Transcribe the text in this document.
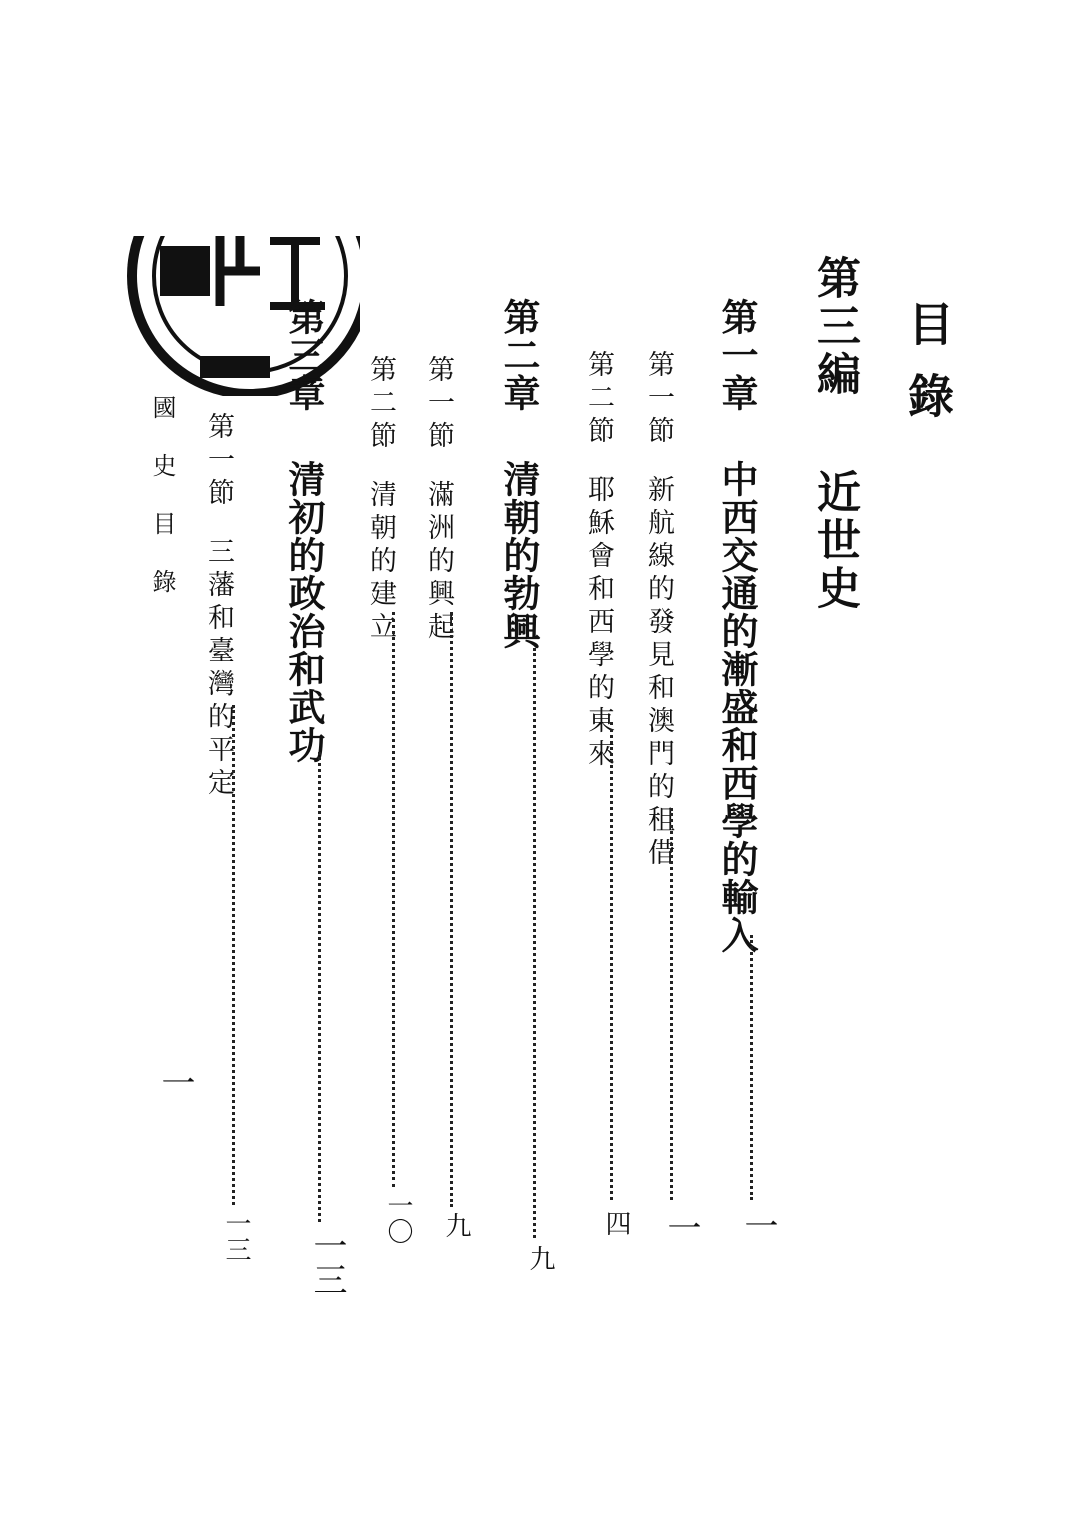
目錄
第三編近世史
第一章中西交通的漸盛和西學的輸入
一
第一節新航線的發見和澳門的租借
一
第二節耶穌會和西學的東來
四
第二章清朝的勃興
九
第一節滿洲的興起
九
第二節清朝的建立
一〇
第三章清初的政治和武功
一三
第一節三藩和臺灣的平定
一三
國史目錄
一
